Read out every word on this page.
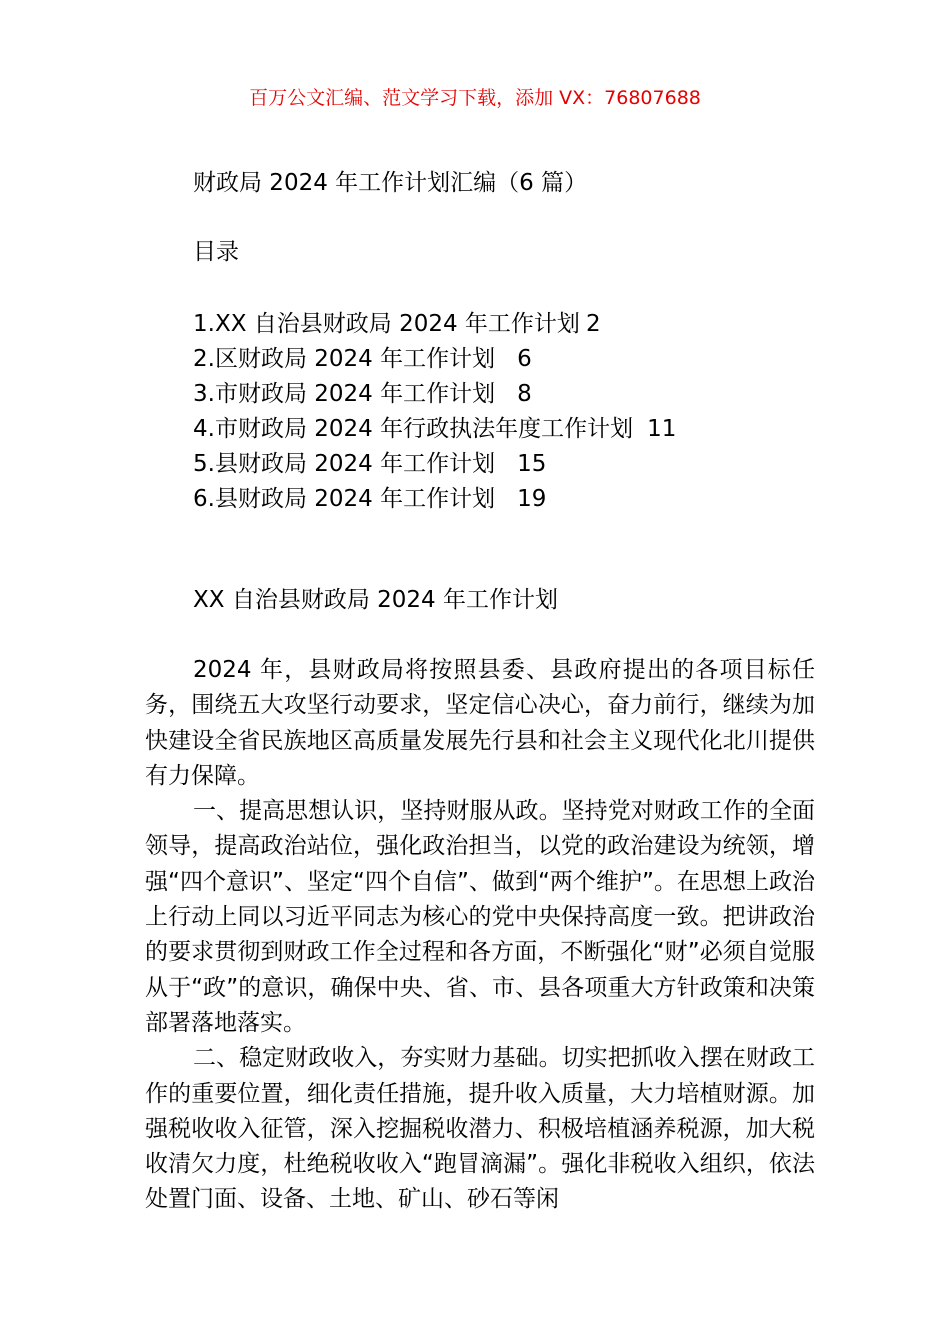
百万公文汇编、范文学习下载，添加 VX：76807688
财政局 2024 年工作计划汇编（6 篇）
目录
1.XX 自治县财政局 2024 年工作计划 2
2.区财政局 2024 年工作计划 6
3.市财政局 2024 年工作计划 8
4.市财政局 2024 年行政执法年度工作计划 11
5.县财政局 2024 年工作计划 15
6.县财政局 2024 年工作计划 19
XX 自治县财政局 2024 年工作计划

2024 年，县财政局将按照县委、县政府提出的各项目标任务，围绕五大攻坚行动要求，坚定信心决心，奋力前行，继续为加快建设全省民族地区高质量发展先行县和社会主义现代化北川提供有力保障。

一、提高思想认识，坚持财服从政。坚持党对财政工作的全面领导，提高政治站位，强化政治担当，以党的政治建设为统领，增强“四个意识”、坚定“四个自信”、做到“两个维护”。在思想上政治上行动上同以习近平同志为核心的党中央保持高度一致。把讲政治的要求贯彻到财政工作全过程和各方面，不断强化“财”必须自觉服从于“政”的意识，确保中央、省、市、县各项重大方针政策和决策部署落地落实。

二、稳定财政收入，夯实财力基础。切实把抓收入摆在财政工作的重要位置，细化责任措施，提升收入质量，大力培植财源。加强税收收入征管，深入挖掘税收潜力、积极培植涵养税源，加大税收清欠力度，杜绝税收收入“跑冒滴漏”。强化非税收入组织，依法处置门面、设备、土地、矿山、砂石等闲
